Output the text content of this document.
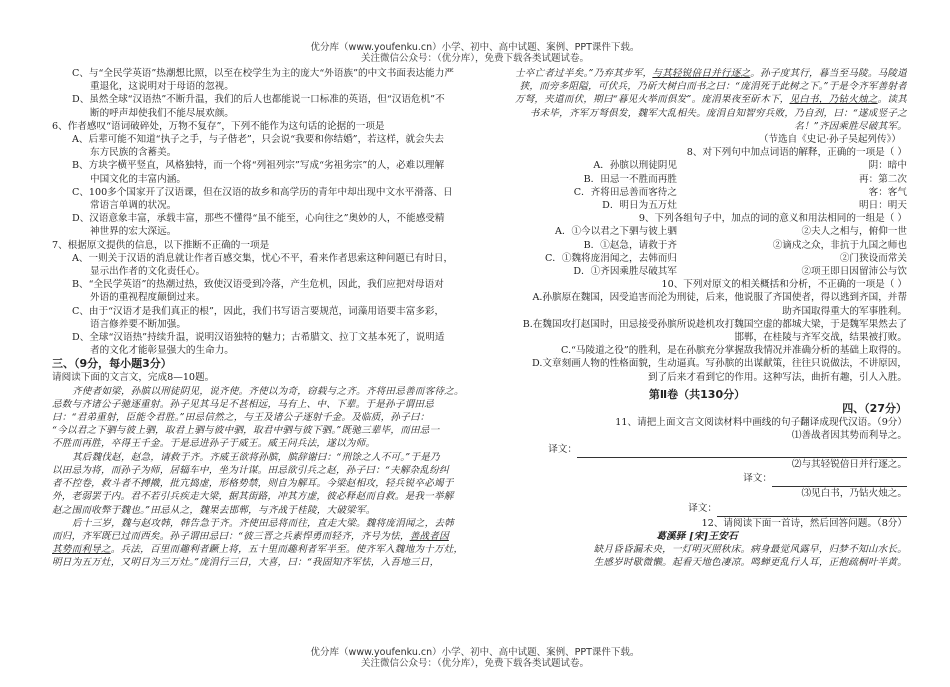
优分库（www.youfenku.cn）小学、初中、高中试题、案例、PPT课件下载。
关注微信公众号：（优分库），免费下载各类试题试卷。
C、与“全民学英语”热潮想比照，以至在校学生为主的庞大“外语族”的中文书面表达能力严
重退化，这说明对于母语的忽视。
D、虽然全球“汉语热”不断升温，我们的后人也都能说一口标准的英语，但“汉语危机”不
断的呼声却使我们不能尽展欢颜。
6、作者感叹“语词破碎处，万物不复存”，下列不能作为这句话的论据的一项是
A、后辈可能不知道“执子之手，与子偕老”，只会说“我要和你结婚”，若这样，就会失去
东方民族的含蓄美。
B、方块字横平竖直，风格独特，而一个将“列祖列宗”写成“劣祖劣宗”的人，必难以理解
中国文化的丰富内涵。
C、100多个国家开了汉语课，但在汉语的故乡和高学历的青年中却出现中文水平滑落、日
常语言单调的状况。
D、汉语意象丰富，承载丰富，那些不懂得“虽不能至，心向往之”奥妙的人，不能感受精
神世界的宏大深远。
7、根据原文提供的信息，以下推断不正确的一项是
A、一则关于汉语的消息就让作者百感交集，忧心不平，看来作者思索这种问题已有时日，
显示出作者的文化责任心。
B、“全民学英语”的热潮过热，致使汉语受到冷落，产生危机，因此，我们应把对母语对
外语的重视程度颠倒过来。
C、由于“汉语才是我们真正的根”，因此，我们书写语言要规范，词藻用语要丰富多彩，
语言修养要不断加强。
D、全球“汉语热”持续升温，说明汉语独特的魅力；古希腊文、拉丁文基本死了，说明适
者的文化才能彰显强大的生命力。
三、（9分，每小题3分）
请阅读下面的文言文，完成8—10题。
齐使者如梁，孙膑以刑徒阴见，说齐使。齐使以为奇，窃载与之齐。齐将田忌善而客待之。
忌数与齐诸公子驰逐重射。孙子见其马足不甚相远，马有上、中、下辈。于是孙子谓田忌
曰：“君弟重射，臣能令君胜。”田忌信然之，与王及诸公子逐射千金。及临质，孙子曰：
“今以君之下驷与彼上驷，取君上驷与彼中驷，取君中驷与彼下驷。”既驰三辈毕，而田忌一
不胜而再胜，卒得王千金。于是忌进孙子于威王。威王问兵法，遂以为师。
其后魏伐赵，赵急，请救于齐。齐威王欲将孙膑，膑辞谢曰：“刑馀之人不可。”于是乃
以田忌为将，而孙子为师，居辎车中，坐为计谋。田忌欲引兵之赵，孙子曰：“夫解杂乱纷纠
者不控卷，救斗者不搏撠，批亢捣虚，形格势禁，则自为解耳。今梁赵相攻，轻兵锐卒必竭于
外，老弱罢于内。君不若引兵疾走大梁，据其街路，冲其方虚，彼必释赵而自救。是我一举解
赵之围而收弊于魏也。”田忌从之，魏果去邯郸，与齐战于桂陵，大破梁军。
后十三岁，魏与赵攻韩，韩告急于齐。齐使田忌将而往，直走大梁。魏将庞涓闻之，去韩
而归，齐军既已过而西矣。孙子谓田忌曰：“彼三晋之兵素悍勇而轻齐，齐号为怯，善战者因
其势而利导之。兵法，百里而趣利者蹶上将，五十里而趣利者军半至。使齐军入魏地为十万灶，
明日为五万灶，又明日为三万灶。”庞涓行三日，大喜，曰：“我固知齐军怯，入吾地三日，
士卒亡者过半矣。”乃弃其步军，与其轻锐倍日并行逐之。孙子度其行，暮当至马陵。马陵道
狭，而旁多阻隘，可伏兵，乃斫大树白而书之曰：“庞涓死于此树之下。”于是令齐军善射者
万弩，夹道而伏，期曰“暮见火举而俱发”。庞涓果夜至斫木下，见白书，乃钻火烛之。读其
书未毕，齐军万弩俱发，魏军大乱相失。庞涓自知智穷兵败，乃自刭，曰：“遂成竖子之
名！”齐因乘胜尽破其军。
（节选自《史记·孙子吴起列传》）
8、对下列句中加点词语的解释，正确的一项是（ ）
A．孙膑以刑徒阴见	阴：暗中
B．田忌一不胜而再胜	再：第二次
C．齐将田忌善而客待之	客：客气
D．明日为五万灶	明日：明天
9、下列各组句子中，加点的词的意义和用法相同的一组是（ ）
A．①今以君之下驷与彼上驷	②夫人之相与，俯仰一世
B．①赵急，请救于齐	②谪戍之众，非抗于九国之师也
C．①魏将庞涓闻之，去韩而归	②门狭设而常关
D．①齐因乘胜尽破其军	②项王即日因留沛公与饮
10、下列对原文的相关概括和分析，不正确的一项是（ ）
A.孙膑原在魏国，因受追害而沦为刑徒，后来，他说服了齐国使者，得以逃到齐国，并帮
助齐国取得重大的军事胜利。
B.在魏国攻打赵国时，田忌接受孙膑所说趁机攻打魏国空虚的都城大梁，于是魏军果然去了
邯郸，在桂陵与齐军交战，结果被打败。
C.“马陵道之役”的胜利，是在孙膑充分掌握敌我情况并准确分析的基础上取得的。
D.文章刻画人物的性格面貌，生动逼真。写孙膑的出谋献策，往往只说做法，不讲原因，
到了后来才看到它的作用。这种写法，曲折有趣，引人入胜。
第Ⅱ卷（共130分）
四、（27分）
11、请把上面文言文阅读材料中画线的句子翻译成现代汉语。（9分）
⑴善战者因其势而利导之。
译文：
⑵与其轻锐倍日并行逐之。
译文：
⑶见白书，乃钻火烛之。
译文：
12、请阅读下面一首诗，然后回答问题。（8分）
葛溪驿 [宋]王安石
缺月昏昏漏未央，一灯明灭照秋床。病身最觉风露早，归梦不知山水长。
生感岁时歇微懒。起看天地色凄凉。鸣蝉更乱行人耳，正抱疏桐叶半黄。
优分库（www.youfenku.cn）小学、初中、高中试题、案例、PPT课件下载。
关注微信公众号：（优分库），免费下载各类试题试卷。
